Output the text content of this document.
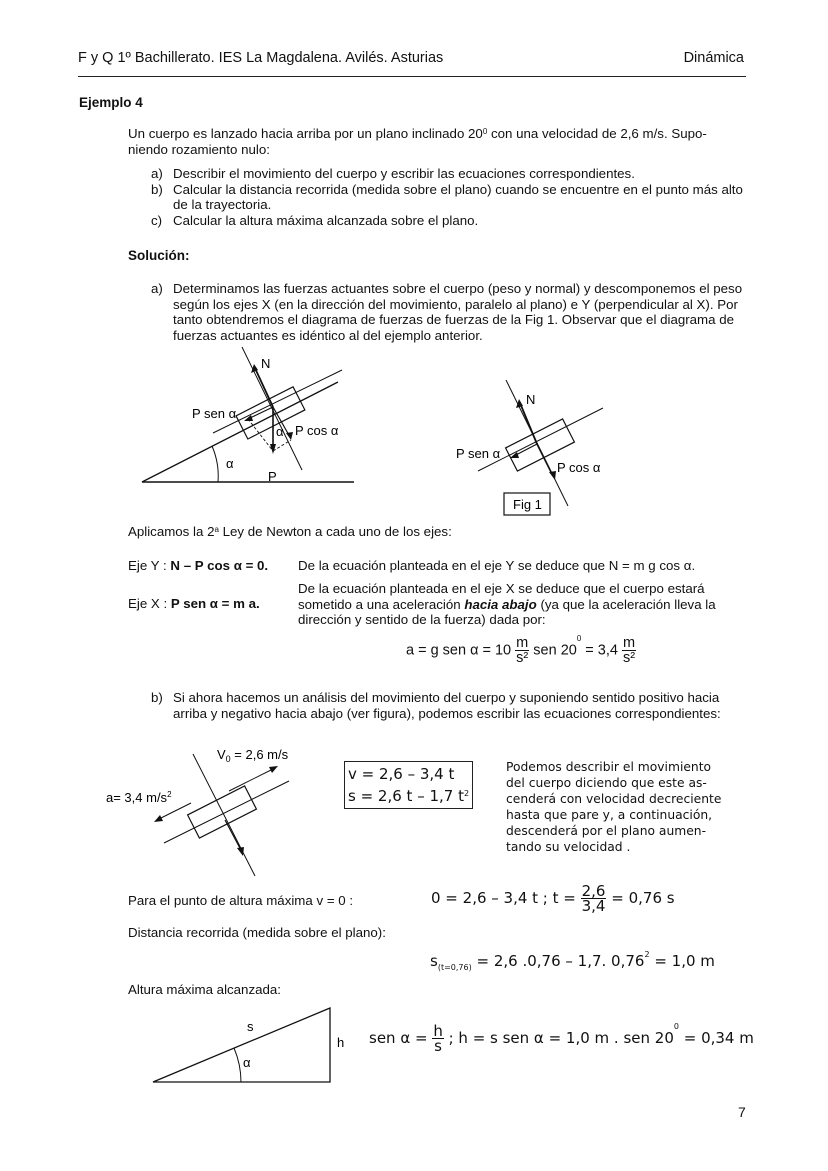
F y Q 1º Bachillerato. IES La Magdalena. Avilés. Asturias	Dinámica
Ejemplo 4
Un cuerpo es lanzado hacia arriba por un plano inclinado $20^0$ con una velocidad de 2,6 m/s. Supo-
niendo rozamiento nulo:
a) Describir el movimiento del cuerpo y escribir las ecuaciones correspondientes.
b) Calcular la distancia recorrida (medida sobre el plano) cuando se encuentre en el punto más alto de la trayectoria.
c) Calcular la altura máxima alcanzada sobre el plano.
Solución:
a) Determinamos las fuerzas actuantes sobre el cuerpo (peso y normal) y descomponemos el peso según los ejes X (en la dirección del movimiento, paralelo al plano) e Y (perpendicular al X). Por tanto obtendremos el diagrama de fuerzas de fuerzas de la Fig 1. Observar que el diagrama de fuerzas actuantes es idéntico al del ejemplo anterior.
N
P sen α
P cos α
α
α
P
N
P sen α
P cos α
Fig 1
Aplicamos la 2$^a$ Ley de Newton a cada uno de los ejes:
Eje Y : N – P cos α = 0. De la ecuación planteada en el eje Y se deduce que N = m g cos α.
Eje X : P sen α = m a.
De la ecuación planteada en el eje X se deduce que el cuerpo estará sometido a una aceleración hacia abajo (ya que la aceleración lleva la dirección y sentido de la fuerza) dada por:
a = g sen $\alpha = 10 \frac{m}{\text{s²}}$ sen $20^0 = 3,4 \frac{m}{\text{s²}}$
b) Si ahora hacemos un análisis del movimiento del cuerpo y suponiendo sentido positivo hacia arriba y negativo hacia abajo (ver figura), podemos escribir las ecuaciones correspondientes:
$V_0 = 2,6$ m/s
a= 3,4 $m/s^2$
v = 2,6 – 3,4 t
s = 2,6 t – 1,7 $t^2$
Podemos describir el movimiento del cuerpo diciendo que este as-cenderá con velocidad decreciente hasta que pare y, a continuación, descenderá por el plano aumen-tando su velocidad .
Para el punto de altura máxima v = 0 :	0 = 2,6 – 3,4 t ; $t = \frac{2,6}{3,4} = 0,76$ s
Distancia recorrida (medida sobre el plano):
$s_{(t=0,76)} = 2,6$ .0,76 – 1,7. $0,76^2 = 1,0$ m
Altura máxima alcanzada:
s
h
α
sen $\alpha = \frac{h}{s}$ ; h = s sen α = 1,0 m . sen $20^0 = 0,34$ m
7
